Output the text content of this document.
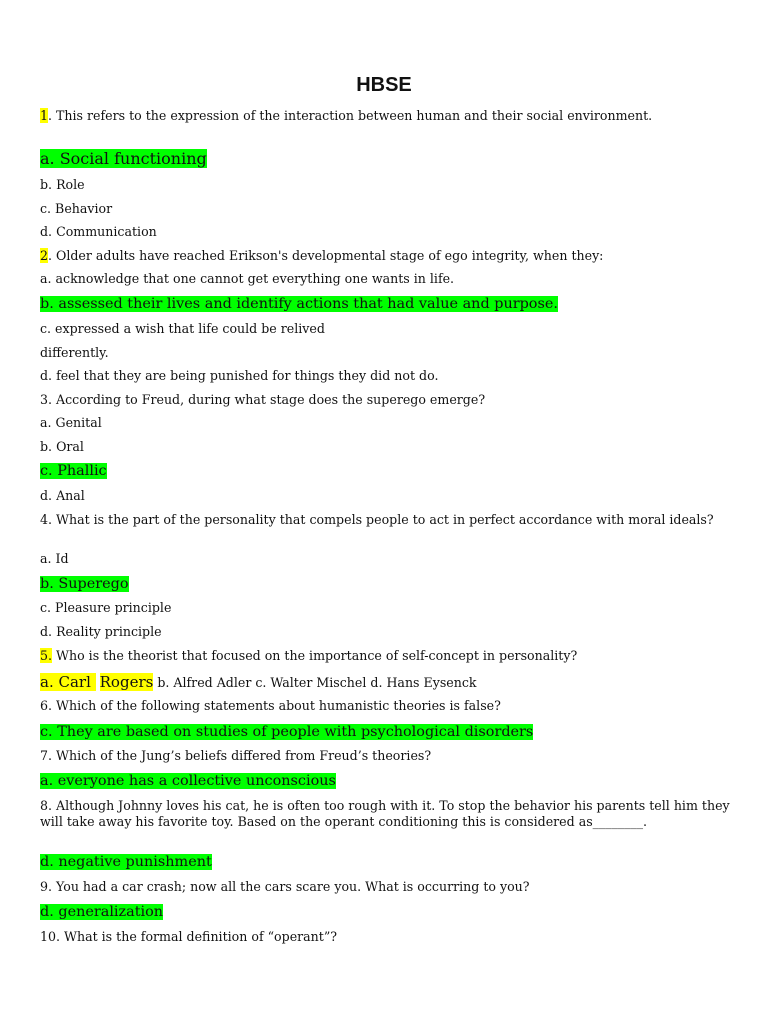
HBSE
1. This refers to the expression of the interaction between human and their social environment.
a. Social functioning
b. Role
c. Behavior
d. Communication
2. Older adults have reached Erikson's developmental stage of ego integrity, when they:
a. acknowledge that one cannot get everything one wants in life.
b. assessed their lives and identify actions that had value and purpose.
c. expressed a wish that life could be relived
differently.
d. feel that they are being punished for things they did not do.
3. According to Freud, during what stage does the superego emerge?
a. Genital
b. Oral
c. Phallic
d. Anal
4. What is the part of the personality that compels people to act in perfect accordance with moral ideals?
a. Id
b. Superego
c. Pleasure principle
d. Reality principle
5. Who is the theorist that focused on the importance of self-concept in personality?
a. Carl Rogers b. Alfred Adler c. Walter Mischel d. Hans Eysenck
6. Which of the following statements about humanistic theories is false?
c. They are based on studies of people with psychological disorders
7. Which of the Jung’s beliefs differed from Freud’s theories?
a. everyone has a collective unconscious
8. Although Johnny loves his cat, he is often too rough with it. To stop the behavior his parents tell him they will take away his favorite toy. Based on the operant conditioning this is considered as________.
d. negative punishment
9. You had a car crash; now all the cars scare you. What is occurring to you?
d. generalization
10. What is the formal definition of “operant”?
